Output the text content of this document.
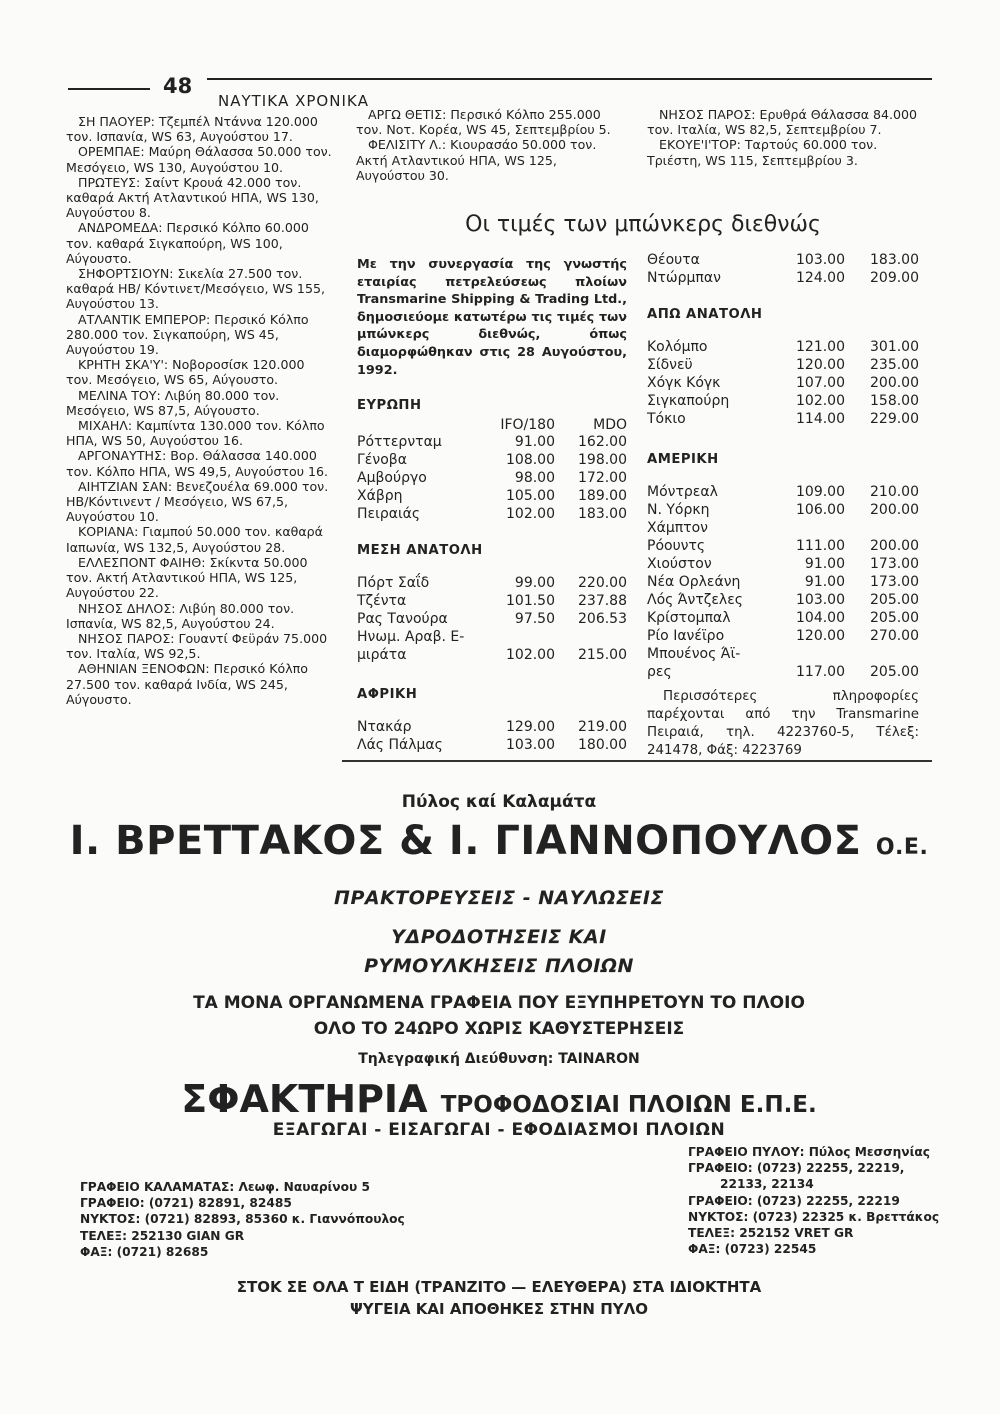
48
ΝΑΥΤΙΚΑ ΧΡΟΝΙΚΑ

ΣΗ ΠΑΟΥΕΡ: Τζεμπέλ Ντάννα 120.000 τον. Ισπανία, WS 63, Αυγούστου 17.

ΟΡΕΜΠΑΕ: Μαύρη Θάλασσα 50.000 τον. Μεσόγειο, WS 130, Αυγούστου 10.

ΠΡΩΤΕΥΣ: Σαίντ Κρουά 42.000 τον. καθαρά Ακτή Ατλαντικού ΗΠΑ, WS 130, Αυγούστου 8.

ΑΝΔΡΟΜΕΔΑ: Περσικό Κόλπο 60.000 τον. καθαρά Σιγκαπούρη, WS 100, Αύγουστο.

ΣΗΦΟΡΤΣΙΟΥΝ: Σικελία 27.500 τον. καθαρά ΗΒ/ Κόντινετ/Μεσόγειο, WS 155, Αυγούστου 13.

ΑΤΛΑΝΤΙΚ ΕΜΠΕΡΟΡ: Περσικό Κόλπο 280.000 τον. Σιγκαπούρη, WS 45, Αυγούστου 19.

ΚΡΗΤΗ ΣΚΑ'Υ': Νοβοροσίσκ 120.000 τον. Μεσόγειο, WS 65, Αύγουστο.

ΜΕΛΙΝΑ ΤΟΥ: Λιβύη 80.000 τον. Μεσόγειο, WS 87,5, Αύγουστο.

ΜΙΧΑΗΛ: Καμπίντα 130.000 τον. Κόλπο ΗΠΑ, WS 50, Αυγούστου 16.

ΑΡΓΟΝΑΥΤΗΣ: Βορ. Θάλασσα 140.000 τον. Κόλπο ΗΠΑ, WS 49,5, Αυγούστου 16.

ΑΙΗΤΖΙΑΝ ΣΑΝ: Βενεζουέλα 69.000 τον. ΗΒ/Κόντινεντ / Μεσόγειο, WS 67,5, Αυγούστου 10.

ΚΟΡΙΑΝΑ: Γιαμπού 50.000 τον. καθαρά Ιαπωνία, WS 132,5, Αυγούστου 28.

ΕΛΛΕΣΠΟΝΤ ΦΑΙΗΘ: Σκίκντα 50.000 τον. Ακτή Ατλαντικού ΗΠΑ, WS 125, Αυγούστου 22.

ΝΗΣΟΣ ΔΗΛΟΣ: Λιβύη 80.000 τον. Ισπανία, WS 82,5, Αυγούστου 24.

ΝΗΣΟΣ ΠΑΡΟΣ: Γουαντί Φεϋράν 75.000 τον. Ιταλία, WS 92,5.

ΑΘΗΝΙΑΝ ΞΕΝΟΦΩΝ: Περσικό Κόλπο 27.500 τον. καθαρά Ινδία, WS 245, Αύγουστο.

ΑΡΓΩ ΘΕΤΙΣ: Περσικό Κόλπο 255.000 τον. Νοτ. Κορέα, WS 45, Σεπτεμβρίου 5.

ΦΕΛΙΣΙΤΥ Λ.: Κιουρασάο 50.000 τον. Ακτή Ατλαντικού ΗΠΑ, WS 125, Αυγούστου 30.

ΝΗΣΟΣ ΠΑΡΟΣ: Ερυθρά Θάλασσα 84.000 τον. Ιταλία, WS 82,5, Σεπτεμβρίου 7.

ΕΚΟΥΕ'Ι'ΤΟΡ: Ταρτούς 60.000 τον. Τριέστη, WS 115, Σεπτεμβρίου 3.

Οι τιμές των μπώνκερς διεθνώς

Με την συνεργασία της γνωστής εταιρίας πετρελεύσεως πλοίων Transmarine Shipping & Trading Ltd., δημοσιεύομε κατωτέρω τις τιμές των μπώνκερς διεθνώς, όπως διαμορφώθηκαν στις 28 Αυγούστου, 1992.

ΕΥΡΩΠΗ
IFO/180	MDO
Ρόττερνταμ	91.00	162.00
Γένοβα	108.00	198.00
Αμβούργο	98.00	172.00
Χάβρη	105.00	189.00
Πειραιάς	102.00	183.00
ΜΕΣΗ ΑΝΑΤΟΛΗ
Πόρτ Σαΐδ	99.00	220.00
Τζέντα	101.50	237.88
Ρας Τανούρα	97.50	206.53
Ηνωμ. Αραβ. Ε-
μιράτα	102.00	215.00
ΑΦΡΙΚΗ
Ντακάρ	129.00	219.00
Λάς Πάλμας	103.00	180.00
Θέουτα	103.00	183.00
Ντώρμπαν	124.00	209.00
ΑΠΩ ΑΝΑΤΟΛΗ
Κολόμπο	121.00	301.00
Σίδνεϋ	120.00	235.00
Χόγκ Κόγκ	107.00	200.00
Σιγκαπούρη	102.00	158.00
Τόκιο	114.00	229.00
ΑΜΕΡΙΚΗ
Μόντρεαλ	109.00	210.00
Ν. Υόρκη	106.00	200.00
Χάμπτον
Ρόουντς	111.00	200.00
Χιούστον	91.00	173.00
Νέα Ορλεάνη	91.00	173.00
Λός Άντζελες	103.00	205.00
Κρίστομπαλ	104.00	205.00
Ρίο Ιανέϊρο	120.00	270.00
Μπουένος Άϊ-
ρες	117.00	205.00
Περισσότερες πληροφορίες παρέχονται από την Transmarine Πειραιά, τηλ. 4223760-5, Τέλεξ: 241478, Φάξ: 4223769
Πύλος καί Καλαμάτα
Ι. ΒΡΕΤΤΑΚΟΣ & Ι. ΓΙΑΝΝΟΠΟΥΛΟΣ Ο.Ε.
ΠΡΑΚΤΟΡΕΥΣΕΙΣ - ΝΑΥΛΩΣΕΙΣ
ΥΔΡΟΔΟΤΗΣΕΙΣ ΚΑΙ
ΡΥΜΟΥΛΚΗΣΕΙΣ ΠΛΟΙΩΝ
ΤΑ ΜΟΝΑ ΟΡΓΑΝΩΜΕΝΑ ΓΡΑΦΕΙΑ ΠΟΥ ΕΞΥΠΗΡΕΤΟΥΝ ΤΟ ΠΛΟΙΟ
ΟΛΟ ΤΟ 24ΩΡΟ ΧΩΡΙΣ ΚΑΘΥΣΤΕΡΗΣΕΙΣ
Τηλεγραφική Διεύθυνση: TAINARON
ΣΦΑΚΤΗΡΙΑ ΤΡΟΦΟΔΟΣΙΑΙ ΠΛΟΙΩΝ Ε.Π.Ε.
ΕΞΑΓΩΓΑΙ - ΕΙΣΑΓΩΓΑΙ - ΕΦΟΔΙΑΣΜΟΙ ΠΛΟΙΩΝ
ΓΡΑΦΕΙΟ ΚΑΛΑΜΑΤΑΣ: Λεωφ. Ναυαρίνου 5
ΓΡΑΦΕΙΟ: (0721) 82891, 82485
ΝΥΚΤΟΣ: (0721) 82893, 85360 κ. Γιαννόπουλος
ΤΕΛΕΞ: 252130 GIAN GR
ΦΑΞ: (0721) 82685
ΓΡΑΦΕΙΟ ΠΥΛΟΥ: Πύλος Μεσσηνίας
ΓΡΑΦΕΙΟ: (0723) 22255, 22219,
22133, 22134
ΓΡΑΦΕΙΟ: (0723) 22255, 22219
ΝΥΚΤΟΣ: (0723) 22325 κ. Βρεττάκος
ΤΕΛΕΞ: 252152 VRET GR
ΦΑΞ: (0723) 22545
ΣΤΟΚ ΣΕ ΟΛΑ Τ ΕΙΔΗ (ΤΡΑΝΖΙΤΟ — ΕΛΕΥΘΕΡΑ) ΣΤΑ ΙΔΙΟΚΤΗΤΑ
ΨΥΓΕΙΑ ΚΑΙ ΑΠΟΘΗΚΕΣ ΣΤΗΝ ΠΥΛΟ
